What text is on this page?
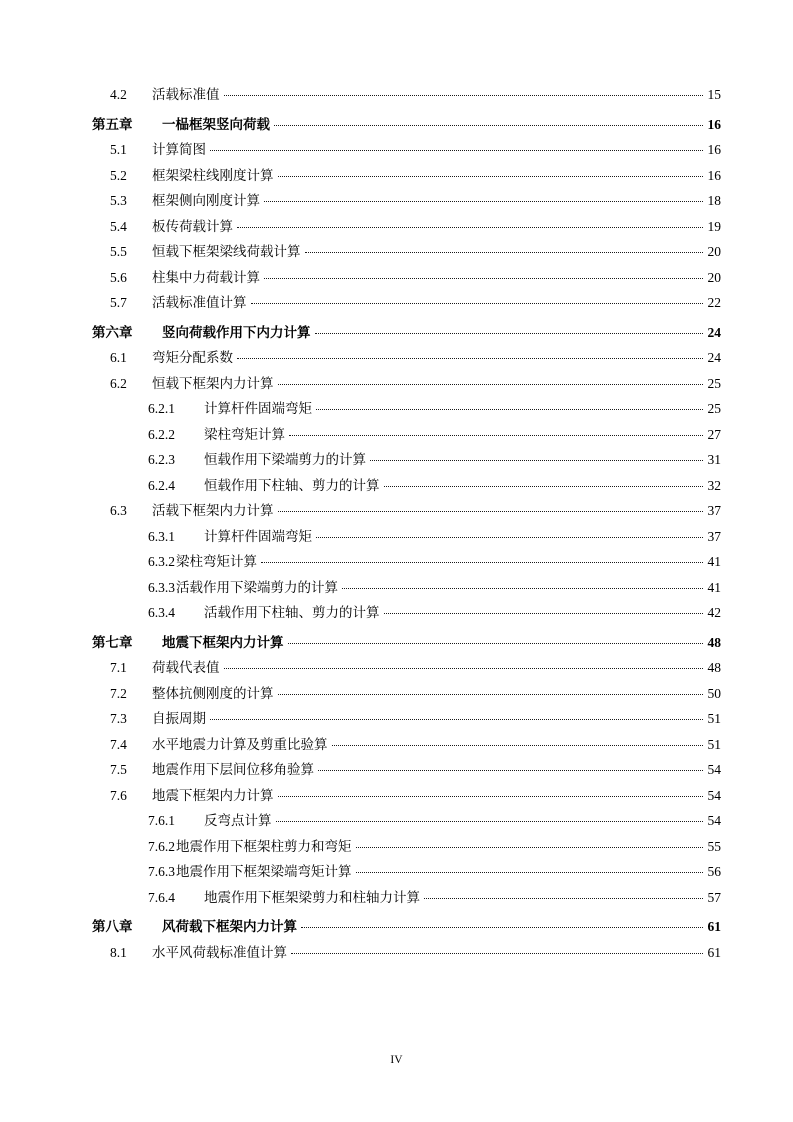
4.2 活载标准值	15
第五章 一榀框架竖向荷载	16
5.1 计算简图	16
5.2 框架梁柱线刚度计算	16
5.3 框架侧向刚度计算	18
5.4 板传荷载计算	19
5.5 恒载下框架梁线荷载计算	20
5.6 柱集中力荷载计算	20
5.7 活载标准值计算	22
第六章 竖向荷载作用下内力计算	24
6.1 弯矩分配系数	24
6.2 恒载下框架内力计算	25
6.2.1 计算杆件固端弯矩	25
6.2.2 梁柱弯矩计算	27
6.2.3 恒载作用下梁端剪力的计算	31
6.2.4 恒载作用下柱轴、剪力的计算	32
6.3 活载下框架内力计算	37
6.3.1 计算杆件固端弯矩	37
6.3.2梁柱弯矩计算	41
6.3.3活载作用下梁端剪力的计算	41
6.3.4 活载作用下柱轴、剪力的计算	42
第七章 地震下框架内力计算	48
7.1 荷载代表值	48
7.2 整体抗侧刚度的计算	50
7.3 自振周期	51
7.4 水平地震力计算及剪重比验算	51
7.5 地震作用下层间位移角验算	54
7.6 地震下框架内力计算	54
7.6.1 反弯点计算	54
7.6.2地震作用下框架柱剪力和弯矩	55
7.6.3地震作用下框架梁端弯矩计算	56
7.6.4 地震作用下框架梁剪力和柱轴力计算	57
第八章 风荷载下框架内力计算	61
8.1 水平风荷载标准值计算	61
IV
